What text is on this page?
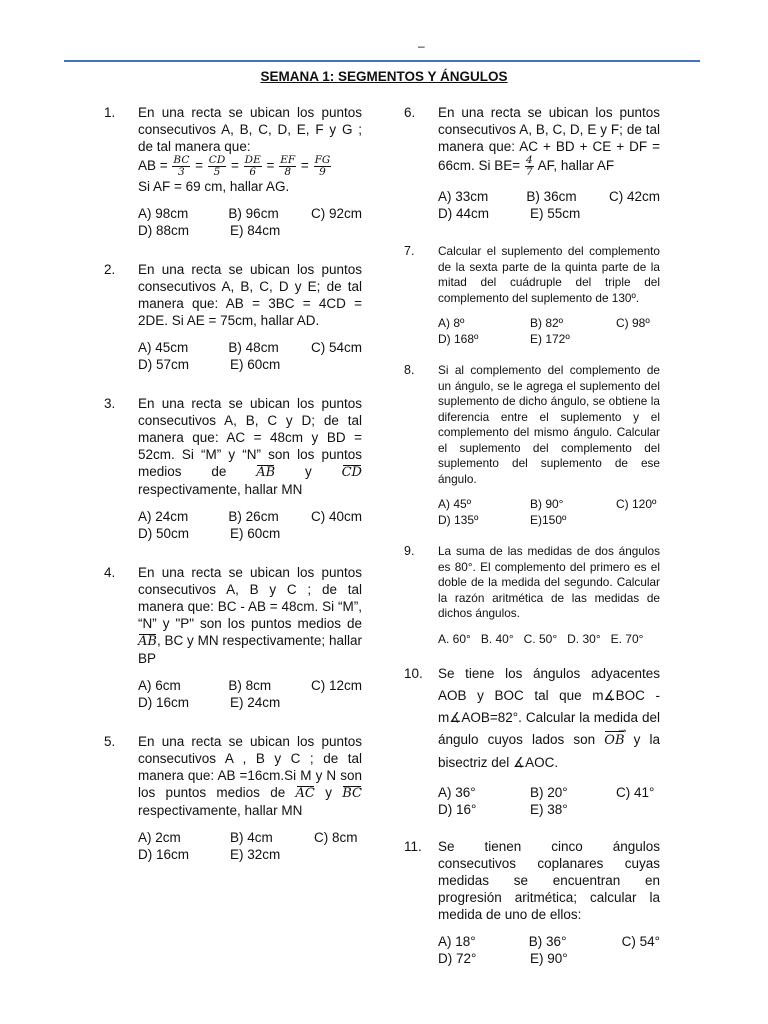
–
SEMANA 1: SEGMENTOS Y ÁNGULOS
1. En una recta se ubican los puntos consecutivos A, B, C, D, E, F y G ; de tal manera que:
AB = $\frac{BC}{3} = \frac{CD}{5} = \frac{DE}{6} = \frac{EF}{8} = \frac{FG}{9}$
Si AF = 69 cm, hallar AG.
A) 98cm	B) 96cm	C) 92cm
D) 88cm	E) 84cm
2. En una recta se ubican los puntos consecutivos A, B, C, D y E; de tal manera que: AB = 3BC = 4CD = 2DE. Si AE = 75cm, hallar AD.
A) 45cm	B) 48cm	C) 54cm
D) 57cm	E) 60cm
3. En una recta se ubican los puntos consecutivos A, B, C y D; de tal manera que: AC = 48cm y BD = 52cm. Si “M” y “N” son los puntos medios de AB y CD respectivamente, hallar MN
A) 24cm	B) 26cm	C) 40cm
D) 50cm	E) 60cm
4. En una recta se ubican los puntos consecutivos A, B y C ; de tal manera que: BC - AB = 48cm. Si “M”, “N” y "P" son los puntos medios de AB, BC y MN respectivamente; hallar BP
A) 6cm	B) 8cm	C) 12cm
D) 16cm	E) 24cm
5. En una recta se ubican los puntos consecutivos A , B y C ; de tal manera que: AB =16cm.Si M y N son los puntos medios de AC y BC respectivamente, hallar MN
A) 2cm	B) 4cm	C) 8cm
D) 16cm	E) 32cm
6. En una recta se ubican los puntos consecutivos A, B, C, D, E y F; de tal manera que: AC + BD + CE + DF = 66cm. Si $BE= \frac{4}{7}$ AF, hallar AF
A) 33cm	B) 36cm	C) 42cm
D) 44cm	E) 55cm
7. Calcular el suplemento del complemento de la sexta parte de la quinta parte de la mitad del cuádruple del triple del complemento del suplemento de 130º.
A) 8º	B) 82º	C) 98º
D) 168º	E) 172º
8. Si al complemento del complemento de un ángulo, se le agrega el suplemento del suplemento de dicho ángulo, se obtiene la diferencia entre el suplemento y el complemento del mismo ángulo. Calcular el suplemento del complemento del suplemento del suplemento de ese ángulo.
A) 45º	B) 90°	C) 120º
D) 135º	E)150º
9. La suma de las medidas de dos ángulos es 80°. El complemento del primero es el doble de la medida del segundo. Calcular la razón aritmética de las medidas de dichos ángulos.
A. 60° B. 40° C. 50° D. 30° E. 70°
10. Se tiene los ángulos adyacentes AOB y BOC tal que m∡BOC - m∡AOB=82°. Calcular la medida del ángulo cuyos lados son OB → y la bisectriz del ∡AOC.
A) 36°	B) 20°	C) 41°
D) 16°	E) 38°
11. Se tienen cinco ángulos consecutivos coplanares cuyas medidas se encuentran en progresión aritmética; calcular la medida de uno de ellos:
A) 18°	B) 36°	C) 54°
D) 72°	E) 90°
